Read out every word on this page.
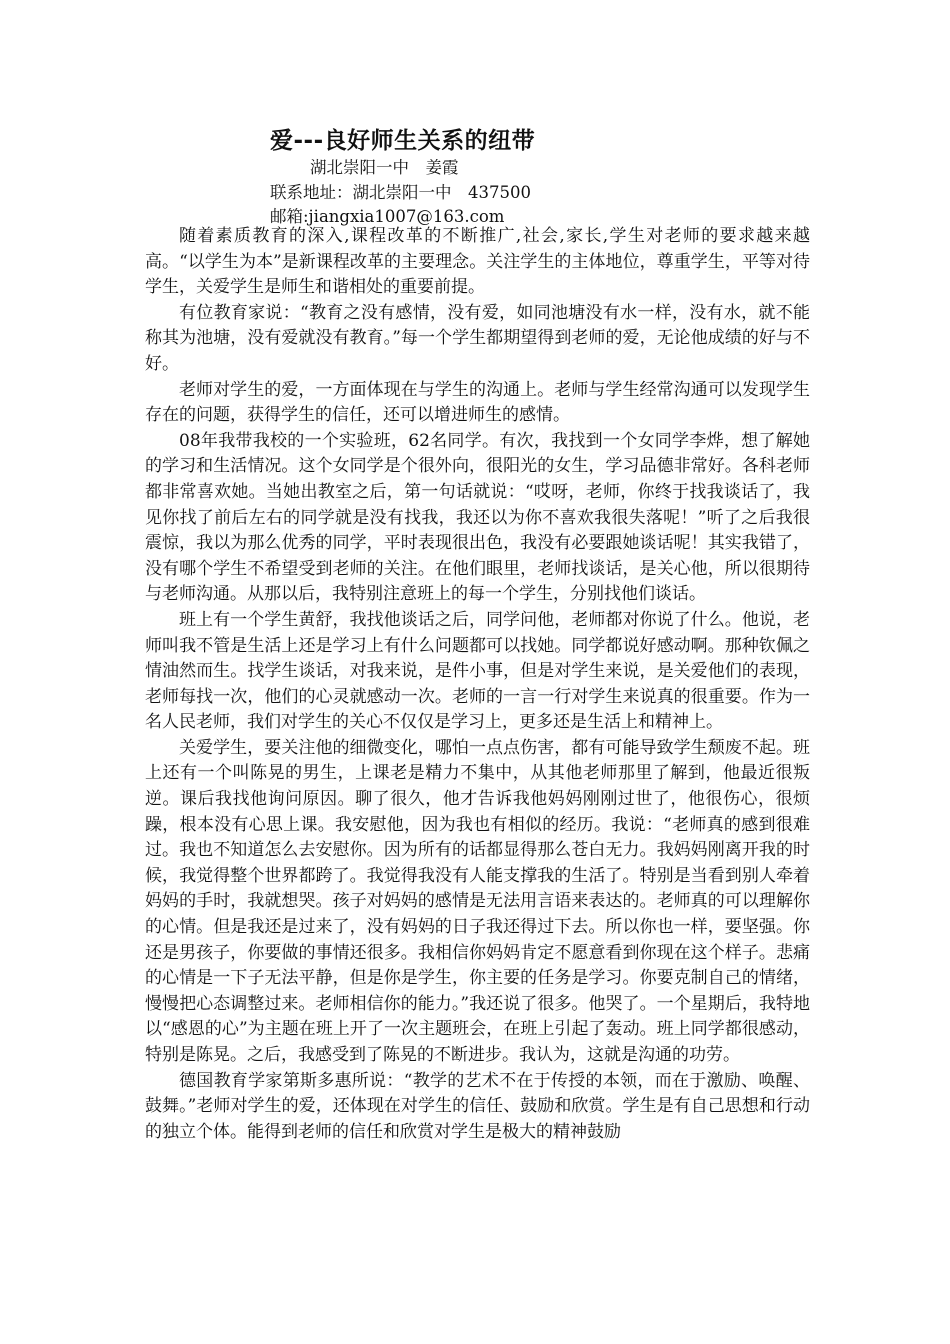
爱---良好师生关系的纽带
湖北崇阳一中　姜霞
联系地址：湖北崇阳一中　437500
邮箱:jiangxia1007@163.com

随着素质教育的深入,课程改革的不断推广,社会,家长,学生对老师的要求越来越高。“以学生为本”是新课程改革的主要理念。关注学生的主体地位，尊重学生，平等对待学生，关爱学生是师生和谐相处的重要前提。

有位教育家说：“教育之没有感情，没有爱，如同池塘没有水一样，没有水，就不能称其为池塘，没有爱就没有教育。”每一个学生都期望得到老师的爱，无论他成绩的好与不好。

老师对学生的爱，一方面体现在与学生的沟通上。老师与学生经常沟通可以发现学生存在的问题，获得学生的信任，还可以增进师生的感情。

08年我带我校的一个实验班，62名同学。有次，我找到一个女同学李烨，想了解她的学习和生活情况。这个女同学是个很外向，很阳光的女生，学习品德非常好。各科老师都非常喜欢她。当她出教室之后，第一句话就说：“哎呀，老师，你终于找我谈话了，我见你找了前后左右的同学就是没有找我，我还以为你不喜欢我很失落呢！”听了之后我很震惊，我以为那么优秀的同学，平时表现很出色，我没有必要跟她谈话呢！其实我错了，没有哪个学生不希望受到老师的关注。在他们眼里，老师找谈话，是关心他，所以很期待与老师沟通。从那以后，我特别注意班上的每一个学生，分别找他们谈话。

班上有一个学生黄舒，我找他谈话之后，同学问他，老师都对你说了什么。他说，老师叫我不管是生活上还是学习上有什么问题都可以找她。同学都说好感动啊。那种钦佩之情油然而生。找学生谈话，对我来说，是件小事，但是对学生来说，是关爱他们的表现，老师每找一次，他们的心灵就感动一次。老师的一言一行对学生来说真的很重要。作为一名人民老师，我们对学生的关心不仅仅是学习上，更多还是生活上和精神上。

关爱学生，要关注他的细微变化，哪怕一点点伤害，都有可能导致学生颓废不起。班上还有一个叫陈晃的男生，上课老是精力不集中，从其他老师那里了解到，他最近很叛逆。课后我找他询问原因。聊了很久，他才告诉我他妈妈刚刚过世了，他很伤心，很烦躁，根本没有心思上课。我安慰他，因为我也有相似的经历。我说：“老师真的感到很难过。我也不知道怎么去安慰你。因为所有的话都显得那么苍白无力。我妈妈刚离开我的时候，我觉得整个世界都跨了。我觉得我没有人能支撑我的生活了。特别是当看到别人牵着妈妈的手时，我就想哭。孩子对妈妈的感情是无法用言语来表达的。老师真的可以理解你的心情。但是我还是过来了，没有妈妈的日子我还得过下去。所以你也一样，要坚强。你还是男孩子，你要做的事情还很多。我相信你妈妈肯定不愿意看到你现在这个样子。悲痛的心情是一下子无法平静，但是你是学生，你主要的任务是学习。你要克制自己的情绪，慢慢把心态调整过来。老师相信你的能力。”我还说了很多。他哭了。一个星期后，我特地以“感恩的心”为主题在班上开了一次主题班会，在班上引起了轰动。班上同学都很感动，特别是陈晃。之后，我感受到了陈晃的不断进步。我认为，这就是沟通的功劳。

德国教育学家第斯多惠所说：“教学的艺术不在于传授的本领，而在于激励、唤醒、鼓舞。”老师对学生的爱，还体现在对学生的信任、鼓励和欣赏。学生是有自己思想和行动的独立个体。能得到老师的信任和欣赏对学生是极大的精神鼓励
